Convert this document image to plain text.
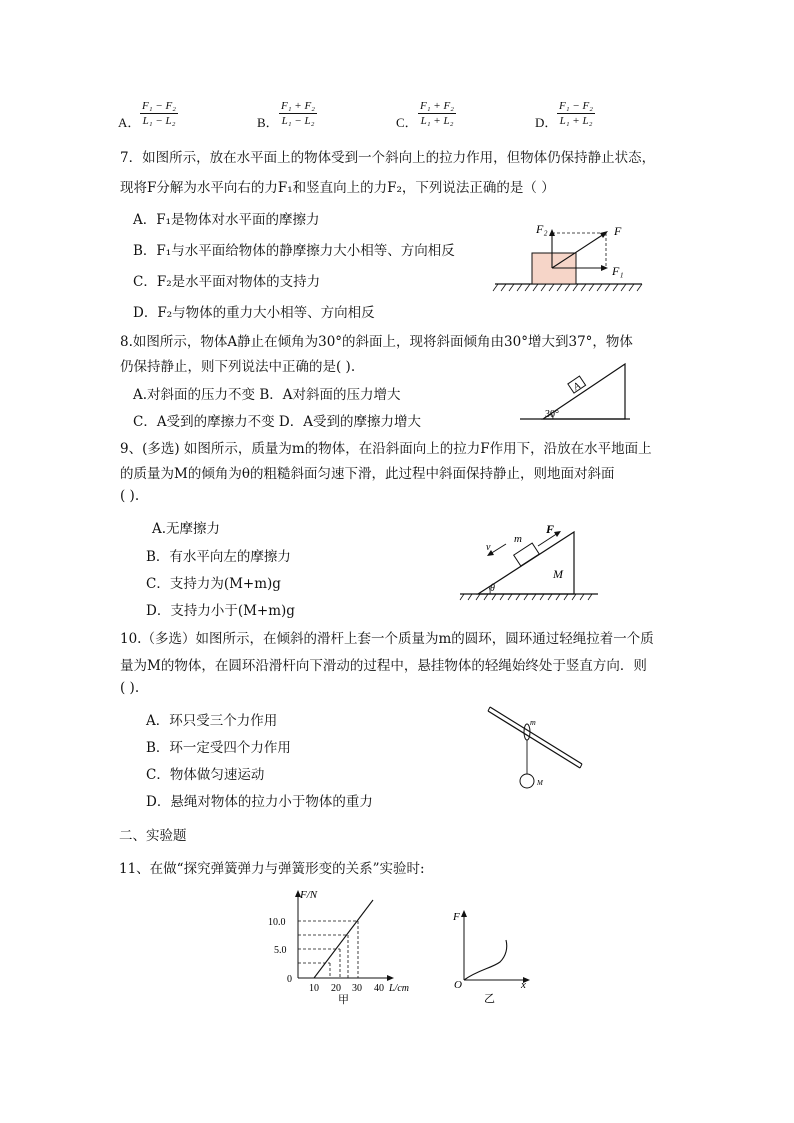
A． $\frac{\text{F₁ − F₂}}{\text{L₁ − L₂}}$	B． $\frac{\text{F₁ + F₂}}{\text{L₁ − L₂}}$	C． $\frac{\text{F₁ + F₂}}{\text{L₁ + L₂}}$	D． $\frac{\text{F₁ − F₂}}{\text{L₁ + L₂}}$
7．如图所示，放在水平面上的物体受到一个斜向上的拉力作用，但物体仍保持静止状态，
现将F分解为水平向右的力F₁和竖直向上的力F₂，下列说法正确的是（ ）
A．F₁是物体对水平面的摩擦力
B．F₁与水平面给物体的静摩擦力大小相等、方向相反
C．F₂是水平面对物体的支持力
D．F₂与物体的重力大小相等、方向相反
F₂	F
F₁
8.如图所示，物体A静止在倾角为30°的斜面上，现将斜面倾角由30°增大到37°，物体
仍保持静止，则下列说法中正确的是( ).
A.对斜面的压力不变 B．A对斜面的压力增大
C．A受到的摩擦力不变 D．A受到的摩擦力增大
A
30°
9、(多选) 如图所示，质量为m的物体，在沿斜面向上的拉力F作用下，沿放在水平地面上
的质量为M的倾角为θ的粗糙斜面匀速下滑，此过程中斜面保持静止，则地面对斜面
( ).
A.无摩擦力
B．有水平向左的摩擦力
C．支持力为(M+m)g
D．支持力小于(M+m)g
m
F
v
M
θ
10.（多选）如图所示，在倾斜的滑杆上套一个质量为m的圆环，圆环通过轻绳拉着一个质
量为M的物体，在圆环沿滑杆向下滑动的过程中，悬挂物体的轻绳始终处于竖直方向．则
( ).
A．环只受三个力作用
B．环一定受四个力作用
C．物体做匀速运动
D．悬绳对物体的拉力小于物体的重力
m
M
二、实验题
11、在做“探究弹簧弹力与弹簧形变的关系”实验时:
F/N
10.0
5.0
0
10 20 30 40 L/cm
甲
F
O	x
乙
